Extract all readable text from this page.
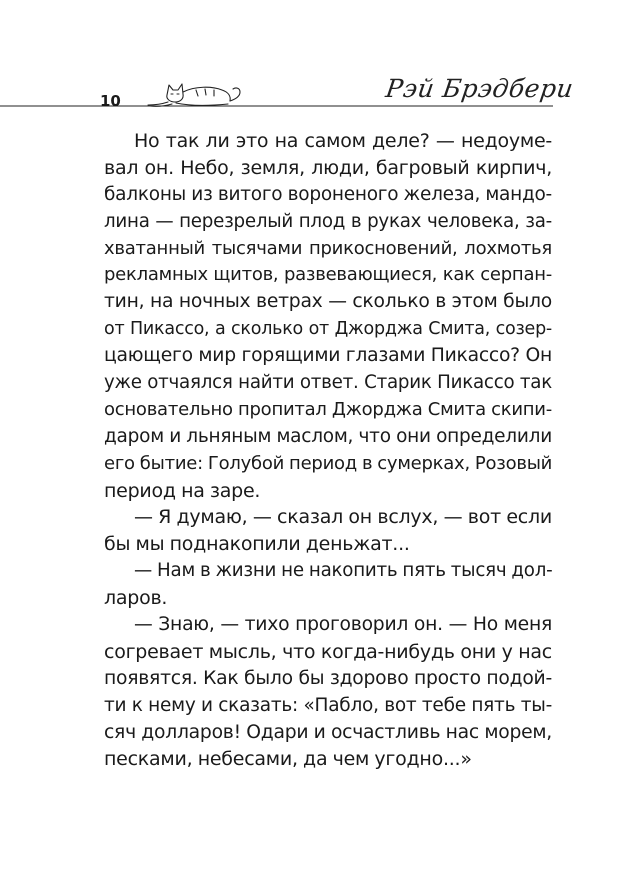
10	Рэй Брэдбери
Но так ли это на самом деле? — недоуме-
вал он. Небо, земля, люди, багровый кирпич,
балконы из витого вороненого железа, мандо-
лина — перезрелый плод в руках человека, за-
хватанный тысячами прикосновений, лохмотья
рекламных щитов, развевающиеся, как серпан-
тин, на ночных ветрах — сколько в этом было
от Пикассо, а сколько от Джорджа Смита, созер-
цающего мир горящими глазами Пикассо? Он
уже отчаялся найти ответ. Старик Пикассо так
основательно пропитал Джорджа Смита скипи-
даром и льняным маслом, что они определили
его бытие: Голубой период в сумерках, Розовый
период на заре.
— Я думаю, — сказал он вслух, — вот если
бы мы поднакопили деньжат...
— Нам в жизни не накопить пять тысяч дол-
ларов.
— Знаю, — тихо проговорил он. — Но меня
согревает мысль, что когда-нибудь они у нас
появятся. Как было бы здорово просто подой-
ти к нему и сказать: «Пабло, вот тебе пять ты-
сяч долларов! Одари и осчастливь нас морем,
песками, небесами, да чем угодно...»
